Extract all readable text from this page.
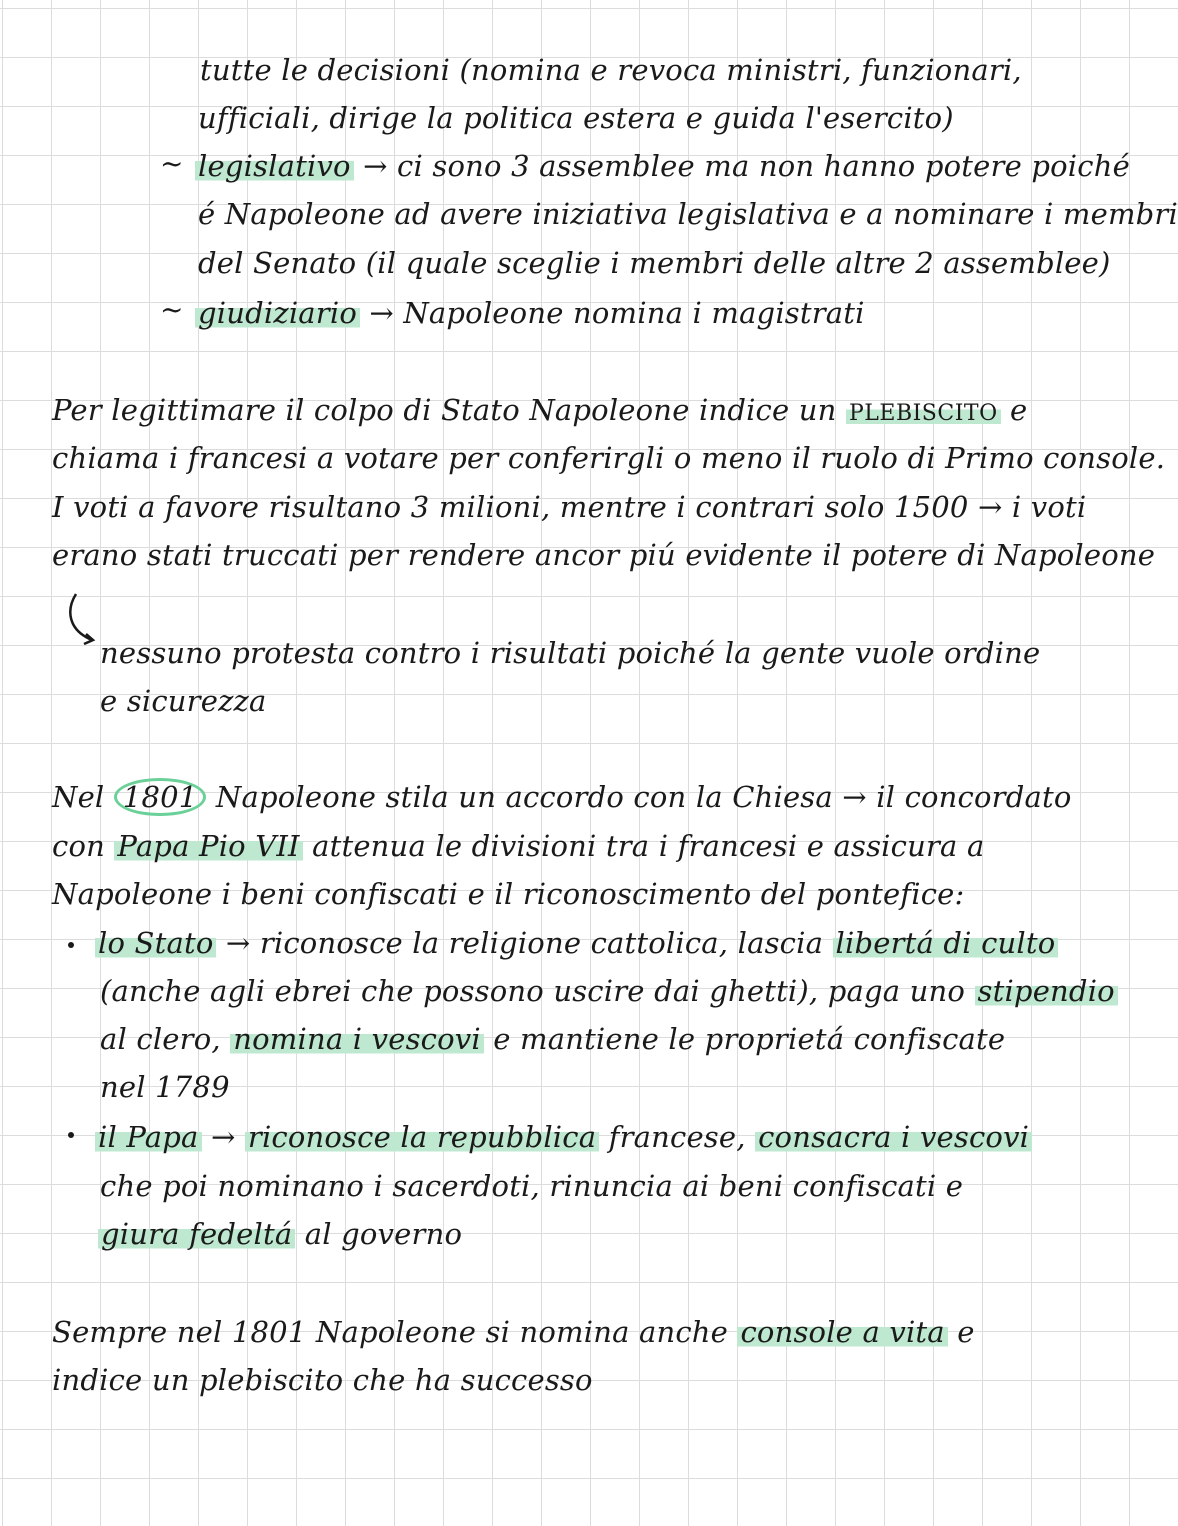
tutte le decisioni (nomina e revoca ministri, funzionari,
ufficiali, dirige la politica estera e guida l'esercito)
~ legislativo → ci sono 3 assemblee ma non hanno potere poiché
é Napoleone ad avere iniziativa legislativa e a nominare i membri
del Senato (il quale sceglie i membri delle altre 2 assemblee)
~ giudiziario → Napoleone nomina i magistrati
Per legittimare il colpo di Stato Napoleone indice un PLEBISCITO e
chiama i francesi a votare per conferirgli o meno il ruolo di Primo console.
I voti a favore risultano 3 milioni, mentre i contrari solo 1500 → i voti
erano stati truccati per rendere ancor piú evidente il potere di Napoleone
nessuno protesta contro i risultati poiché la gente vuole ordine
e sicurezza
Nel 1801 Napoleone stila un accordo con la Chiesa → il concordato
con Papa Pio VII attenua le divisioni tra i francesi e assicura a
Napoleone i beni confiscati e il riconoscimento del pontefice:
lo Stato → riconosce la religione cattolica, lascia libertá di culto
(anche agli ebrei che possono uscire dai ghetti), paga uno stipendio
al clero, nomina i vescovi e mantiene le proprietá confiscate
nel 1789
il Papa → riconosce la repubblica francese, consacra i vescovi
che poi nominano i sacerdoti, rinuncia ai beni confiscati e
giura fedeltá al governo
Sempre nel 1801 Napoleone si nomina anche console a vita e
indice un plebiscito che ha successo
